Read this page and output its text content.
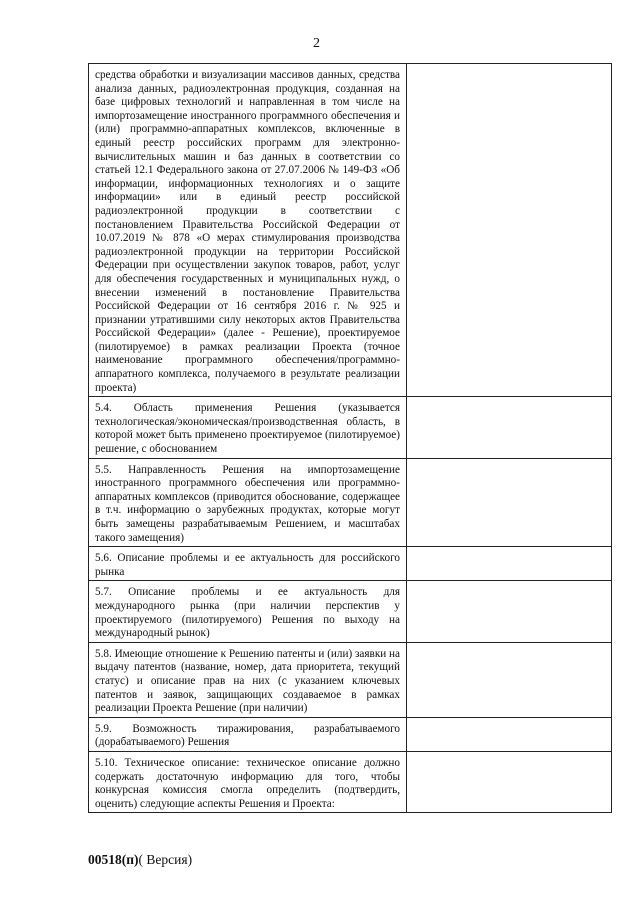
2
средства обработки и визуализации массивов данных, средства анализа данных, радиоэлектронная продукция, созданная на базе цифровых технологий и направленная в том числе на импортозамещение иностранного программного обеспечения и (или) программно-аппаратных комплексов, включенные в единый реестр российских программ для электронно-вычислительных машин и баз данных в соответствии со статьей 12.1 Федерального закона от 27.07.2006 № 149-ФЗ «Об информации, информационных технологиях и о защите информации» или в единый реестр российской радиоэлектронной продукции в соответствии с постановлением Правительства Российской Федерации от 10.07.2019 № 878 «О мерах стимулирования производства радиоэлектронной продукции на территории Российской Федерации при осуществлении закупок товаров, работ, услуг для обеспечения государственных и муниципальных нужд, о внесении изменений в постановление Правительства Российской Федерации от 16 сентября 2016 г. № 925 и признании утратившими силу некоторых актов Правительства Российской Федерации» (далее - Решение), проектируемое (пилотируемое) в рамках реализации Проекта (точное наименование программного обеспечения/программно-аппаратного комплекса, получаемого в результате реализации проекта)	
5.4. Область применения Решения (указывается технологическая/экономическая/производственная область, в которой может быть применено проектируемое (пилотируемое) решение, с обоснованием	
5.5. Направленность Решения на импортозамещение иностранного программного обеспечения или программно-аппаратных комплексов (приводится обоснование, содержащее в т.ч. информацию о зарубежных продуктах, которые могут быть замещены разрабатываемым Решением, и масштабах такого замещения)	
5.6. Описание проблемы и ее актуальность для российского рынка	
5.7. Описание проблемы и ее актуальность для международного рынка (при наличии перспектив у проектируемого (пилотируемого) Решения по выходу на международный рынок)	
5.8. Имеющие отношение к Решению патенты и (или) заявки на выдачу патентов (название, номер, дата приоритета, текущий статус) и описание прав на них (с указанием ключевых патентов и заявок, защищающих создаваемое в рамках реализации Проекта Решение (при наличии)	
5.9. Возможность тиражирования, разрабатываемого (дорабатываемого) Решения	
5.10. Техническое описание: техническое описание должно содержать достаточную информацию для того, чтобы конкурсная комиссия смогла определить (подтвердить, оценить) следующие аспекты Решения и Проекта:	
00518(п)( Версия)
